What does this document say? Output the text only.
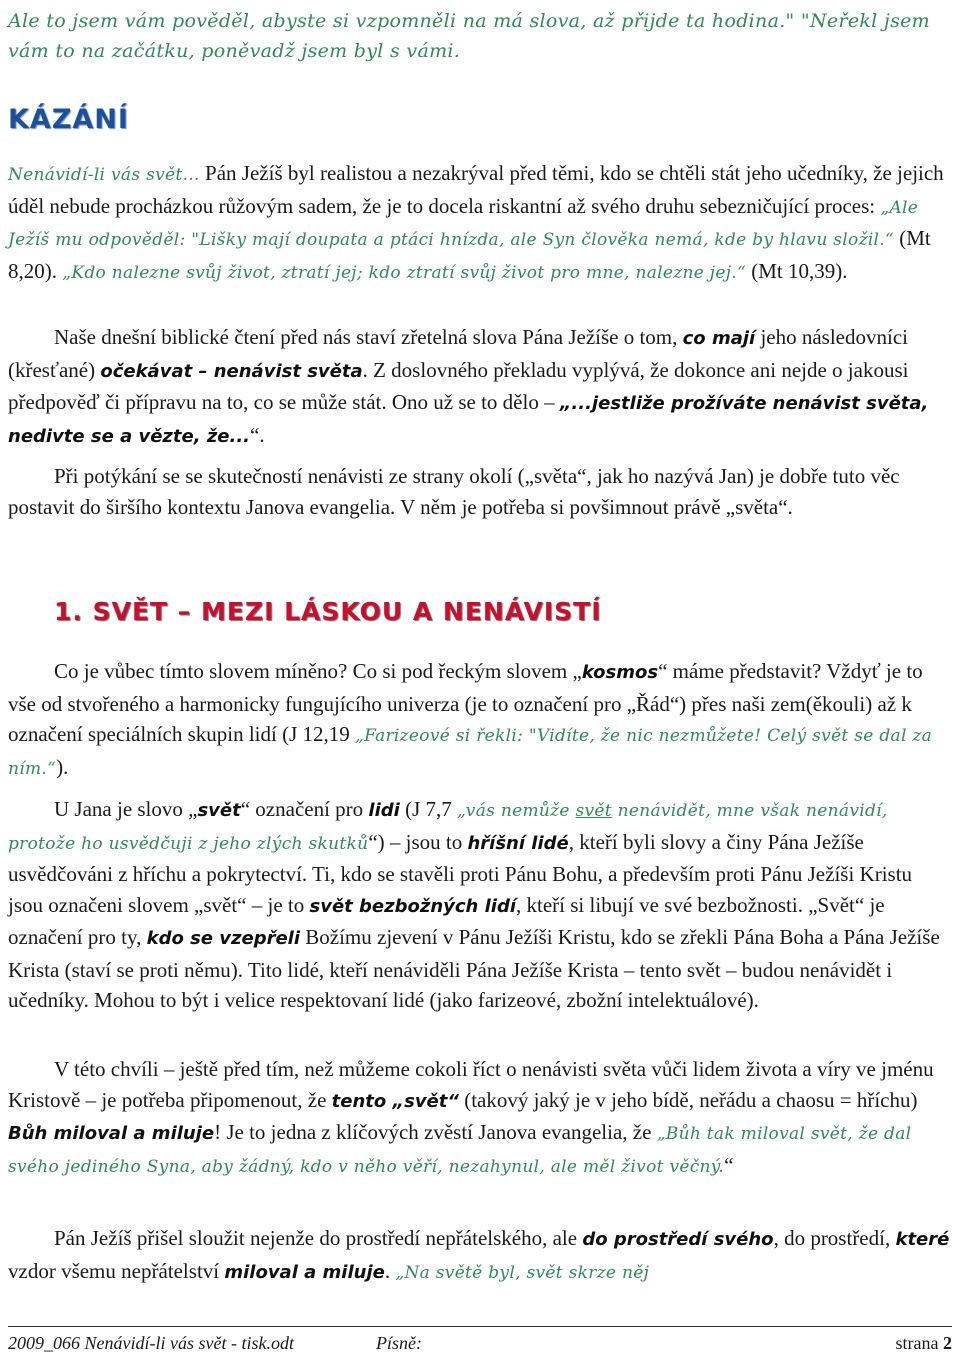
Ale to jsem vám pověděl, abyste si vzpomněli na má slova, až přijde ta hodina." "Neřekl jsem vám to na začátku, poněvadž jsem byl s vámi.

KÁZÁNÍ

Nenávidí-li vás svět… Pán Ježíš byl realistou a nezakrýval před těmi, kdo se chtěli stát jeho učedníky, že jejich úděl nebude procházkou růžovým sadem, že je to docela riskantní až svého druhu sebezničující proces: „Ale Ježíš mu odpověděl: "Lišky mají doupata a ptáci hnízda, ale Syn člověka nemá, kde by hlavu složil.“ (Mt 8,20). „Kdo nalezne svůj život, ztratí jej; kdo ztratí svůj život pro mne, nalezne jej.“ (Mt 10,39).

Naše dnešní biblické čtení před nás staví zřetelná slova Pána Ježíše o tom, co mají jeho následovníci (křesťané) očekávat – nenávist světa. Z doslovného překladu vyplývá, že dokonce ani nejde o jakousi předpověď či přípravu na to, co se může stát. Ono už se to dělo – „...jestliže prožíváte nenávist světa, nedivte se a vězte, že...“.

Při potýkání se se skutečností nenávisti ze strany okolí („světa“, jak ho nazývá Jan) je dobře tuto věc postavit do širšího kontextu Janova evangelia. V něm je potřeba si povšimnout právě „světa“.

1. SVĚT – MEZI LÁSKOU A NENÁVISTÍ

Co je vůbec tímto slovem míněno? Co si pod řeckým slovem „kosmos“ máme představit? Vždyť je to vše od stvořeného a harmonicky fungujícího univerza (je to označení pro „Řád“) přes naši zem(ěkouli) až k označení speciálních skupin lidí (J 12,19 „Farizeové si řekli: "Vidíte, že nic nezmůžete! Celý svět se dal za ním.“).

U Jana je slovo „svět“ označení pro lidi (J 7,7 „vás nemůže svět nenávidět, mne však nenávidí, protože ho usvědčuji z jeho zlých skutků“) – jsou to hříšní lidé, kteří byli slovy a činy Pána Ježíše usvědčováni z hříchu a pokrytectví. Ti, kdo se stavěli proti Pánu Bohu, a především proti Pánu Ježíši Kristu jsou označeni slovem „svět“ – je to svět bezbožných lidí, kteří si libují ve své bezbožnosti. „Svět“ je označení pro ty, kdo se vzepřeli Božímu zjevení v Pánu Ježíši Kristu, kdo se zřekli Pána Boha a Pána Ježíše Krista (staví se proti němu). Tito lidé, kteří nenáviděli Pána Ježíše Krista – tento svět – budou nenávidět i učedníky. Mohou to být i velice respektovaní lidé (jako farizeové, zbožní intelektuálové).

V této chvíli – ještě před tím, než můžeme cokoli říct o nenávisti světa vůči lidem života a víry ve jménu Kristově – je potřeba připomenout, že tento „svět“ (takový jaký je v jeho bídě, neřádu a chaosu = hříchu) Bůh miloval a miluje! Je to jedna z klíčových zvěstí Janova evangelia, že „Bůh tak miloval svět, že dal svého jediného Syna, aby žádný, kdo v něho věří, nezahynul, ale měl život věčný.“

Pán Ježíš přišel sloužit nejenže do prostředí nepřátelského, ale do prostředí svého, do prostředí, které vzdor všemu nepřátelství miloval a miluje. „Na světě byl, svět skrze něj

2009_066 Nenávidí-li vás svět - tisk.odt	Písně:	strana 2
